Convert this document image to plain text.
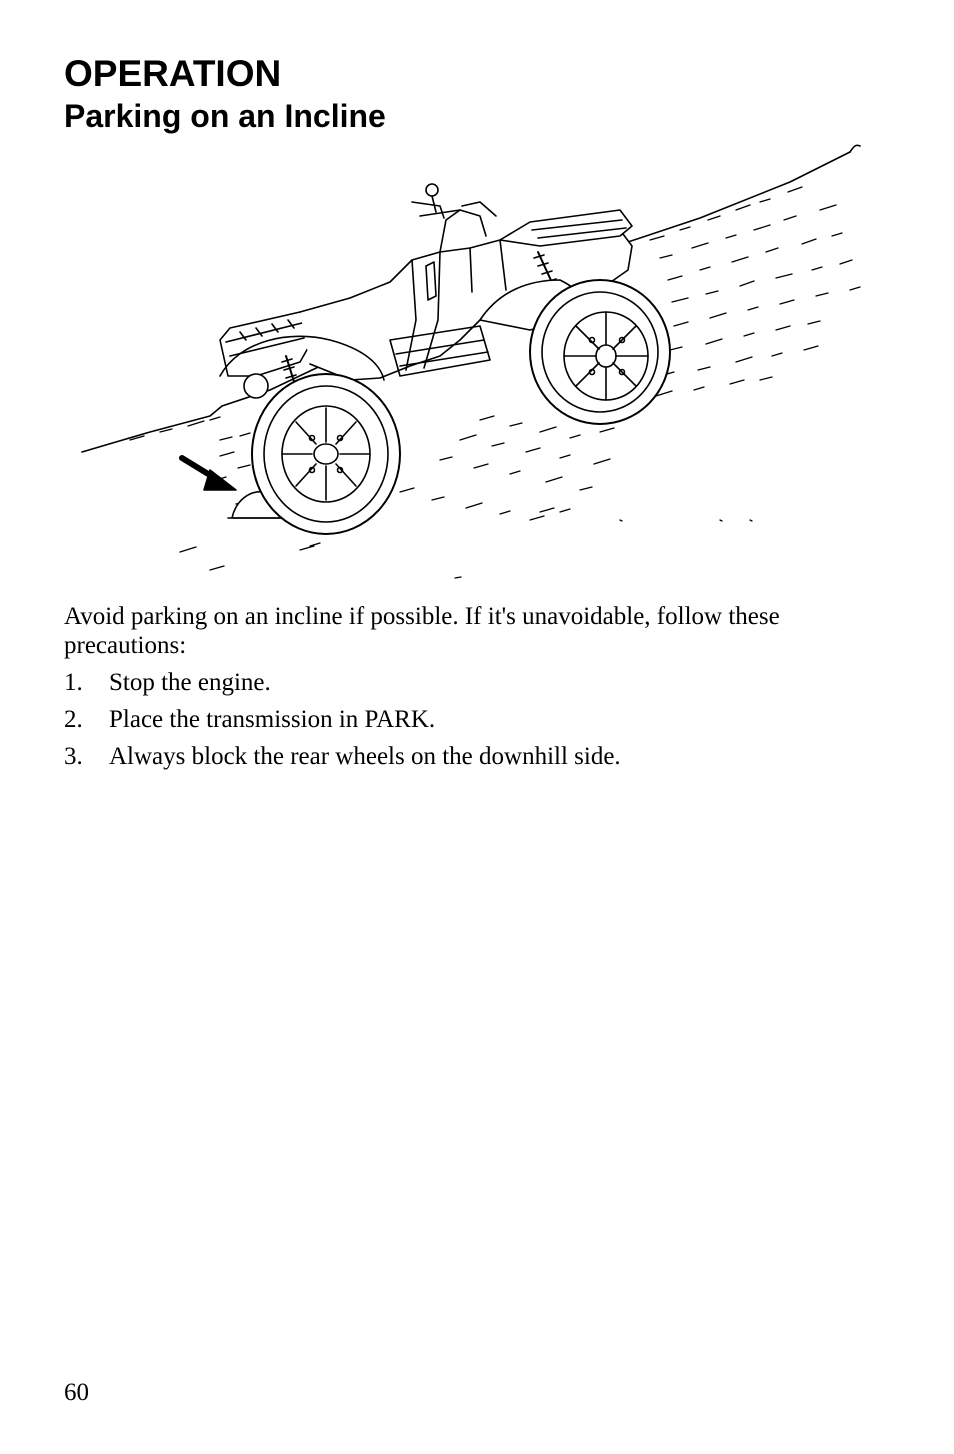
OPERATION
Parking on an Incline

Avoid parking on an incline if possible. If it's unavoidable, follow these precautions:

1.	Stop the engine.
2.	Place the transmission in PARK.
3.	Always block the rear wheels on the downhill side.
60
